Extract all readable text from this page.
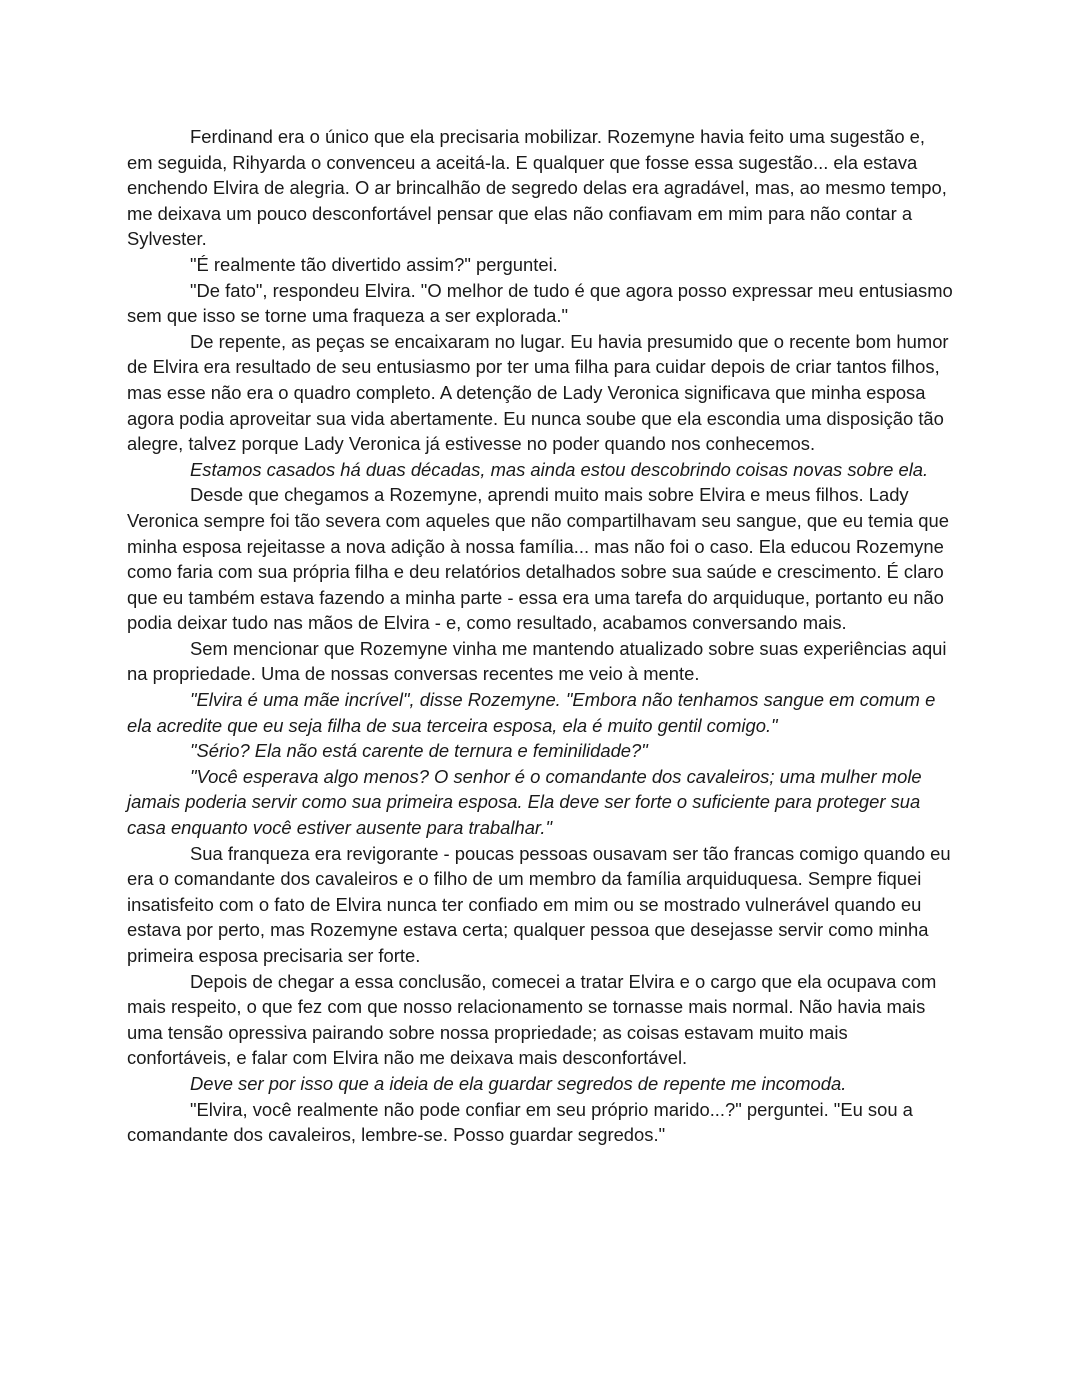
Ferdinand era o único que ela precisaria mobilizar. Rozemyne havia feito uma sugestão e, em seguida, Rihyarda o convenceu a aceitá-la. E qualquer que fosse essa sugestão... ela estava enchendo Elvira de alegria. O ar brincalhão de segredo delas era agradável, mas, ao mesmo tempo, me deixava um pouco desconfortável pensar que elas não confiavam em mim para não contar a Sylvester.

"É realmente tão divertido assim?" perguntei.

"De fato", respondeu Elvira. "O melhor de tudo é que agora posso expressar meu entusiasmo sem que isso se torne uma fraqueza a ser explorada."

De repente, as peças se encaixaram no lugar. Eu havia presumido que o recente bom humor de Elvira era resultado de seu entusiasmo por ter uma filha para cuidar depois de criar tantos filhos, mas esse não era o quadro completo. A detenção de Lady Veronica significava que minha esposa agora podia aproveitar sua vida abertamente. Eu nunca soube que ela escondia uma disposição tão alegre, talvez porque Lady Veronica já estivesse no poder quando nos conhecemos.

Estamos casados há duas décadas, mas ainda estou descobrindo coisas novas sobre ela.

Desde que chegamos a Rozemyne, aprendi muito mais sobre Elvira e meus filhos. Lady Veronica sempre foi tão severa com aqueles que não compartilhavam seu sangue, que eu temia que minha esposa rejeitasse a nova adição à nossa família... mas não foi o caso. Ela educou Rozemyne como faria com sua própria filha e deu relatórios detalhados sobre sua saúde e crescimento. É claro que eu também estava fazendo a minha parte - essa era uma tarefa do arquiduque, portanto eu não podia deixar tudo nas mãos de Elvira - e, como resultado, acabamos conversando mais.

Sem mencionar que Rozemyne vinha me mantendo atualizado sobre suas experiências aqui na propriedade. Uma de nossas conversas recentes me veio à mente.

"Elvira é uma mãe incrível", disse Rozemyne. "Embora não tenhamos sangue em comum e ela acredite que eu seja filha de sua terceira esposa, ela é muito gentil comigo."

"Sério? Ela não está carente de ternura e feminilidade?"

"Você esperava algo menos? O senhor é o comandante dos cavaleiros; uma mulher mole jamais poderia servir como sua primeira esposa. Ela deve ser forte o suficiente para proteger sua casa enquanto você estiver ausente para trabalhar."

Sua franqueza era revigorante - poucas pessoas ousavam ser tão francas comigo quando eu era o comandante dos cavaleiros e o filho de um membro da família arquiduquesa. Sempre fiquei insatisfeito com o fato de Elvira nunca ter confiado em mim ou se mostrado vulnerável quando eu estava por perto, mas Rozemyne estava certa; qualquer pessoa que desejasse servir como minha primeira esposa precisaria ser forte.

Depois de chegar a essa conclusão, comecei a tratar Elvira e o cargo que ela ocupava com mais respeito, o que fez com que nosso relacionamento se tornasse mais normal. Não havia mais uma tensão opressiva pairando sobre nossa propriedade; as coisas estavam muito mais confortáveis, e falar com Elvira não me deixava mais desconfortável.

Deve ser por isso que a ideia de ela guardar segredos de repente me incomoda.

"Elvira, você realmente não pode confiar em seu próprio marido...?" perguntei. "Eu sou a comandante dos cavaleiros, lembre-se. Posso guardar segredos."
